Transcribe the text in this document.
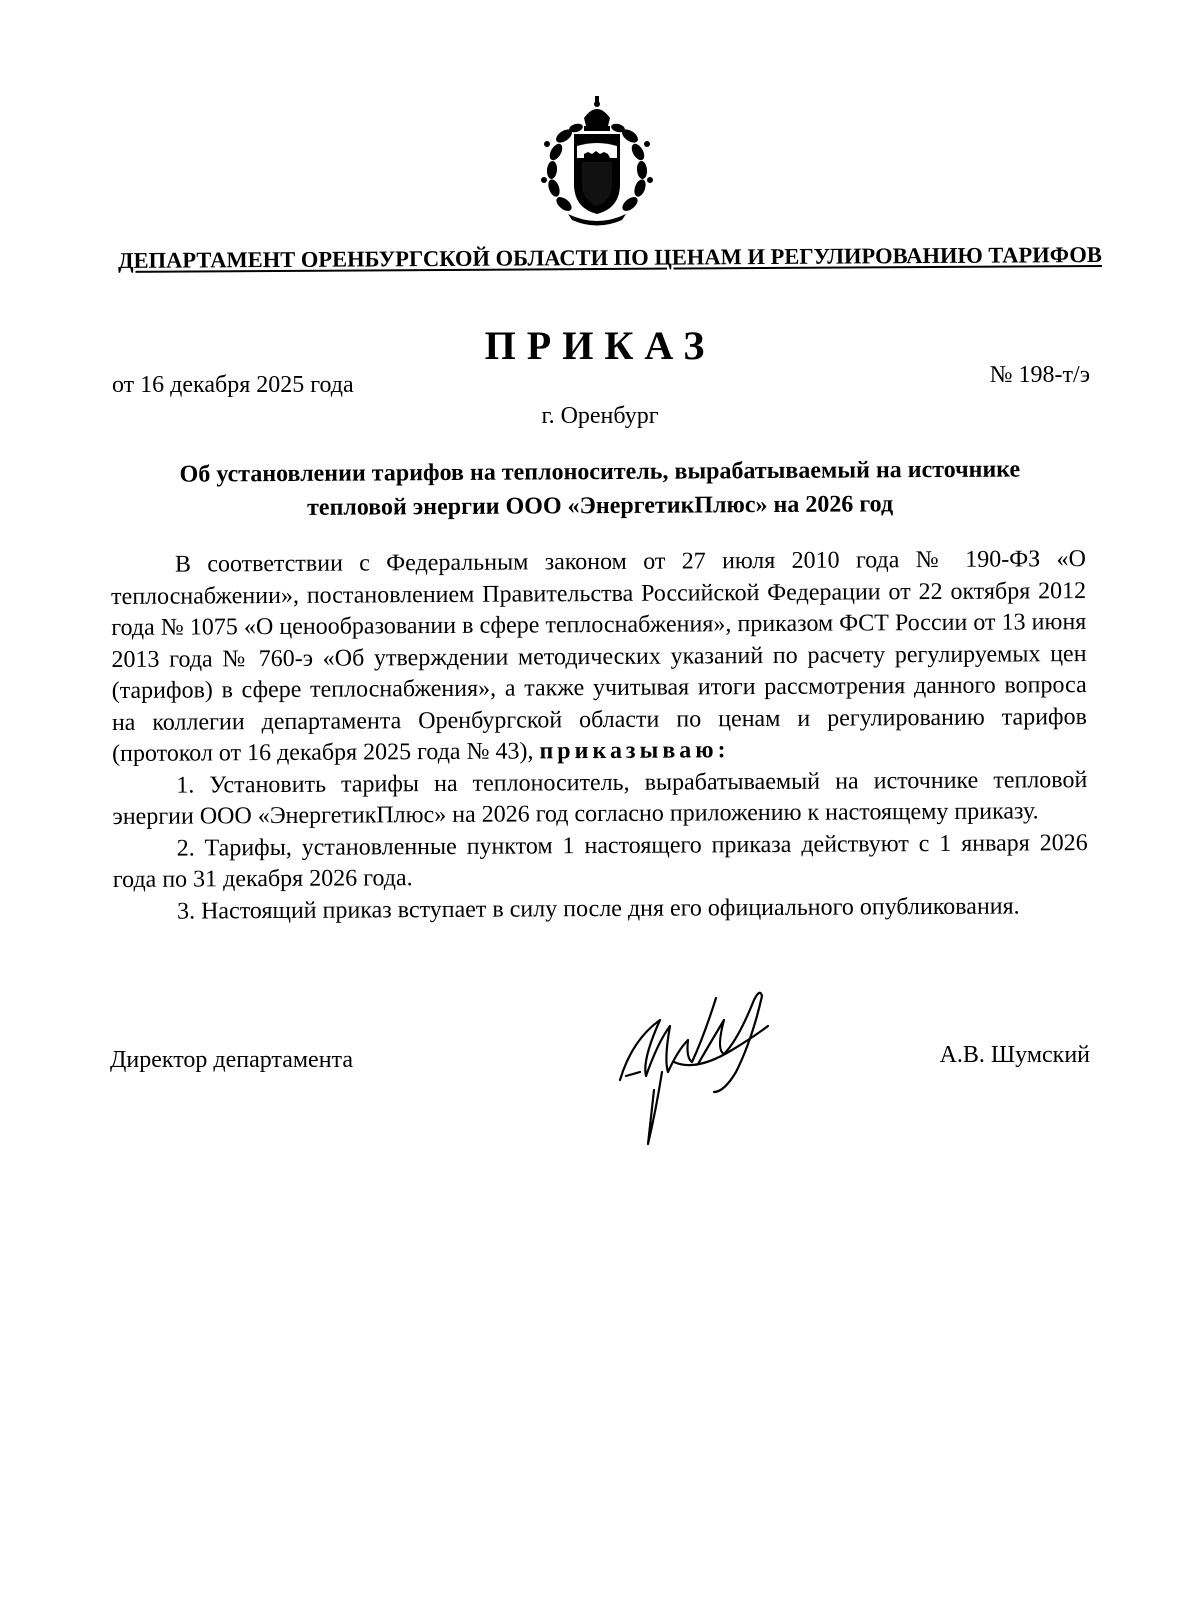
ДЕПАРТАМЕНТ ОРЕНБУРГСКОЙ ОБЛАСТИ ПО ЦЕНАМ И РЕГУЛИРОВАНИЮ ТАРИФОВ
ПРИКАЗ
от 16 декабря 2025 года	№ 198-т/э
г. Оренбург
Об установлении тарифов на теплоноситель, вырабатываемый на источнике
тепловой энергии ООО «ЭнергетикПлюс» на 2026 год

В соответствии с Федеральным законом от 27 июля 2010 года № 190-ФЗ «О теплоснабжении», постановлением Правительства Российской Федерации от 22 октября 2012 года № 1075 «О ценообразовании в сфере теплоснабжения», приказом ФСТ России от 13 июня 2013 года № 760-э «Об утверждении методических указаний по расчету регулируемых цен (тарифов) в сфере теплоснабжения», а также учитывая итоги рассмотрения данного вопроса на коллегии департамента Оренбургской области по ценам и регулированию тарифов (протокол от 16 декабря 2025 года № 43), приказываю:

1. Установить тарифы на теплоноситель, вырабатываемый на источнике тепловой энергии ООО «ЭнергетикПлюс» на 2026 год согласно приложению к настоящему приказу.

2. Тарифы, установленные пунктом 1 настоящего приказа действуют с 1 января 2026 года по 31 декабря 2026 года.

3. Настоящий приказ вступает в силу после дня его официального опубликования.

Директор департамента	А.В. Шумский
